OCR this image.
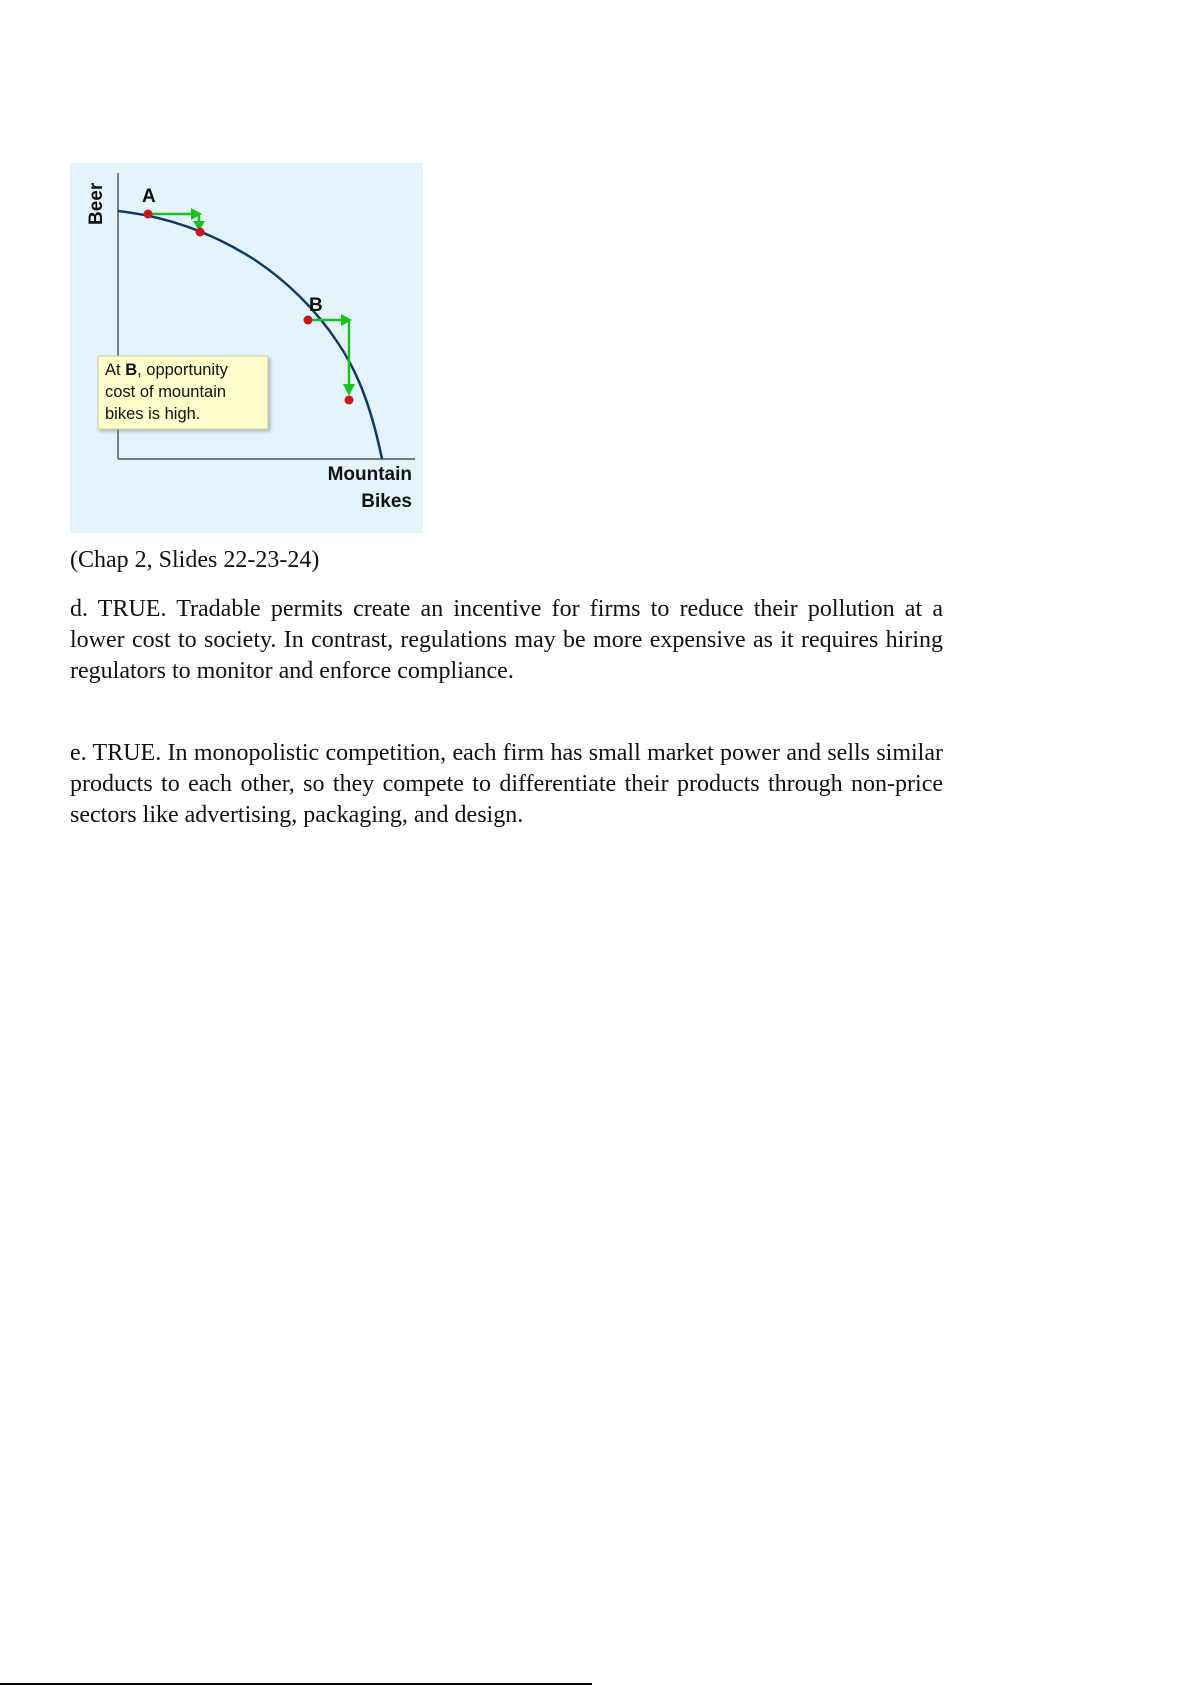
Beer
Mountain
Bikes
A
B
At B, opportunity
cost of mountain
bikes is high.
(Chap 2, Slides 22-23-24)

d. TRUE. Tradable permits create an incentive for firms to reduce their pollution at a lower cost to society. In contrast, regulations may be more expensive as it requires hiring regulators to monitor and enforce compliance.

e. TRUE. In monopolistic competition, each firm has small market power and sells similar products to each other, so they compete to differentiate their products through non-price sectors like advertising, packaging, and design.
